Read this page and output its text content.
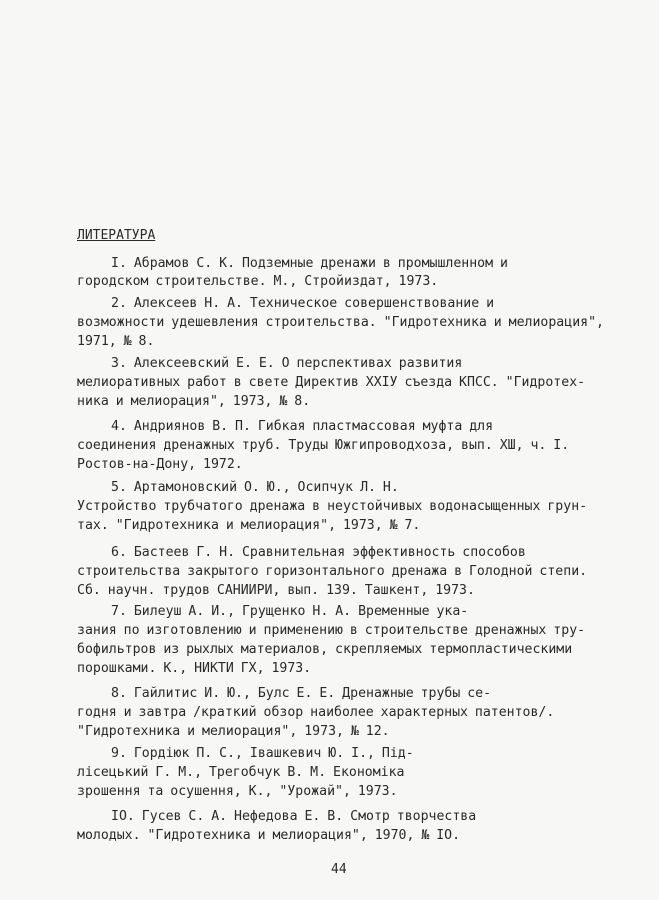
ЛИТЕРАТУРА
I. Абрамов С. К. Подземные дренажи в промышленном и
городском строительстве. М., Стройиздат, 1973.
2. Алексеев Н. А. Техническое совершенствование и
возможности удешевления строительства. "Гидротехника и мелиорация",
1971, № 8.
3. Алексеевский Е. Е. О перспективах развития
мелиоративных работ в свете Директив XXIУ съезда КПСС. "Гидротех-
ника и мелиорация", 1973, № 8.
4. Андриянов В. П. Гибкая пластмассовая муфта для
соединения дренажных труб. Труды Южгипроводхоза, вып. ХШ, ч. I.
Ростов-на-Дону, 1972.
5. Артамоновский О. Ю., Осипчук Л. Н.
Устройство трубчатого дренажа в неустойчивых водонасыщенных грун-
тах. "Гидротехника и мелиорация", 1973, № 7.
6. Бастеев Г. Н. Сравнительная эффективность способов
строительства закрытого горизонтального дренажа в Голодной степи.
Сб. научн. трудов САНИИРИ, вып. 139. Ташкент, 1973.
7. Билеуш А. И., Грущенко Н. А. Временные ука-
зания по изготовлению и применению в строительстве дренажных тру-
бофильтров из рыхлых материалов, скрепляемых термопластическими
порошками. К., НИКТИ ГХ, 1973.
8. Гайлитис И. Ю., Булс Е. Е. Дренажные трубы се-
годня и завтра /краткий обзор наиболее характерных патентов/.
"Гидротехника и мелиорация", 1973, № 12.
9. Гордiюк П. С., Iвашкевич Ю. I., Пiд-
лiсецький Г. М., Трегобчук В. М. Економiка
зрошення та осушення, К., "Урожай", 1973.
IO. Гусев С. А. Нефедова Е. В. Смотр творчества
молодых. "Гидротехника и мелиорация", 1970, № IO.
44
